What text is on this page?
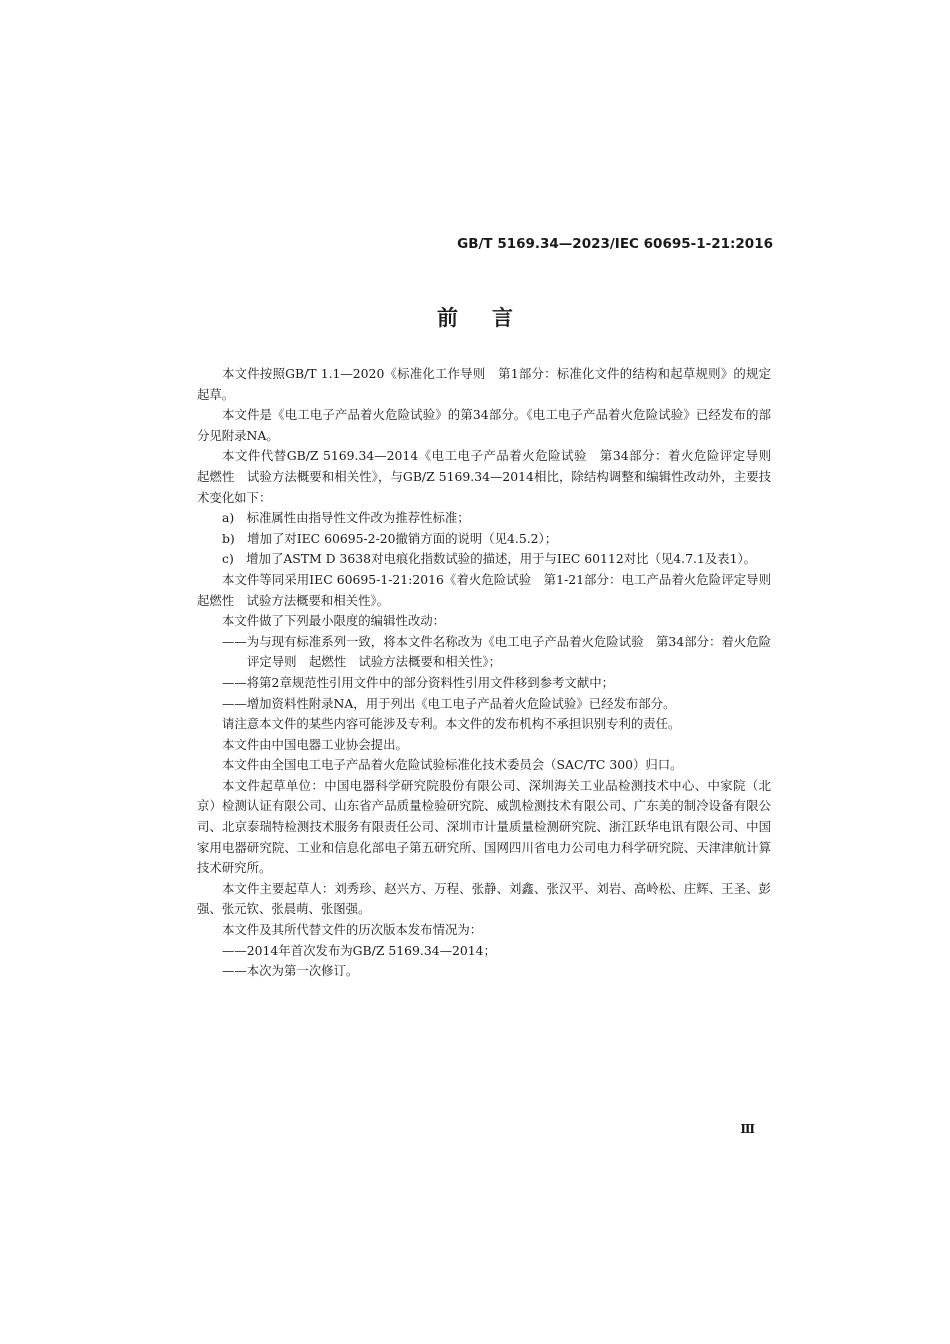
GB/T 5169.34—2023/IEC 60695-1-21:2016
前言

本文件按照GB/T 1.1—2020《标准化工作导则　第1部分：标准化文件的结构和起草规则》的规定起草。

本文件是《电工电子产品着火危险试验》的第34部分。《电工电子产品着火危险试验》已经发布的部分见附录NA。

本文件代替GB/Z 5169.34—2014《电工电子产品着火危险试验　第34部分：着火危险评定导则　起燃性　试验方法概要和相关性》，与GB/Z 5169.34—2014相比，除结构调整和编辑性改动外，主要技术变化如下：

a)　标准属性由指导性文件改为推荐性标准；

b)　增加了对IEC 60695-2-20撤销方面的说明（见4.5.2）；

c)　增加了ASTM D 3638对电痕化指数试验的描述，用于与IEC 60112对比（见4.7.1及表1）。

本文件等同采用IEC 60695-1-21:2016《着火危险试验　第1-21部分：电工产品着火危险评定导则　起燃性　试验方法概要和相关性》。

本文件做了下列最小限度的编辑性改动：

——为与现有标准系列一致，将本文件名称改为《电工电子产品着火危险试验　第34部分：着火危险评定导则　起燃性　试验方法概要和相关性》；

——将第2章规范性引用文件中的部分资料性引用文件移到参考文献中；

——增加资料性附录NA，用于列出《电工电子产品着火危险试验》已经发布部分。

请注意本文件的某些内容可能涉及专利。本文件的发布机构不承担识别专利的责任。

本文件由中国电器工业协会提出。

本文件由全国电工电子产品着火危险试验标准化技术委员会（SAC/TC 300）归口。

本文件起草单位：中国电器科学研究院股份有限公司、深圳海关工业品检测技术中心、中家院（北京）检测认证有限公司、山东省产品质量检验研究院、威凯检测技术有限公司、广东美的制冷设备有限公司、北京泰瑞特检测技术服务有限责任公司、深圳市计量质量检测研究院、浙江跃华电讯有限公司、中国家用电器研究院、工业和信息化部电子第五研究所、国网四川省电力公司电力科学研究院、天津津航计算技术研究所。

本文件主要起草人：刘秀珍、赵兴方、万程、张静、刘鑫、张汉平、刘岩、高岭松、庄辉、王圣、彭强、张元钦、张晨萌、张图强。

本文件及其所代替文件的历次版本发布情况为：

——2014年首次发布为GB/Z 5169.34—2014；

——本次为第一次修订。

Ⅲ
